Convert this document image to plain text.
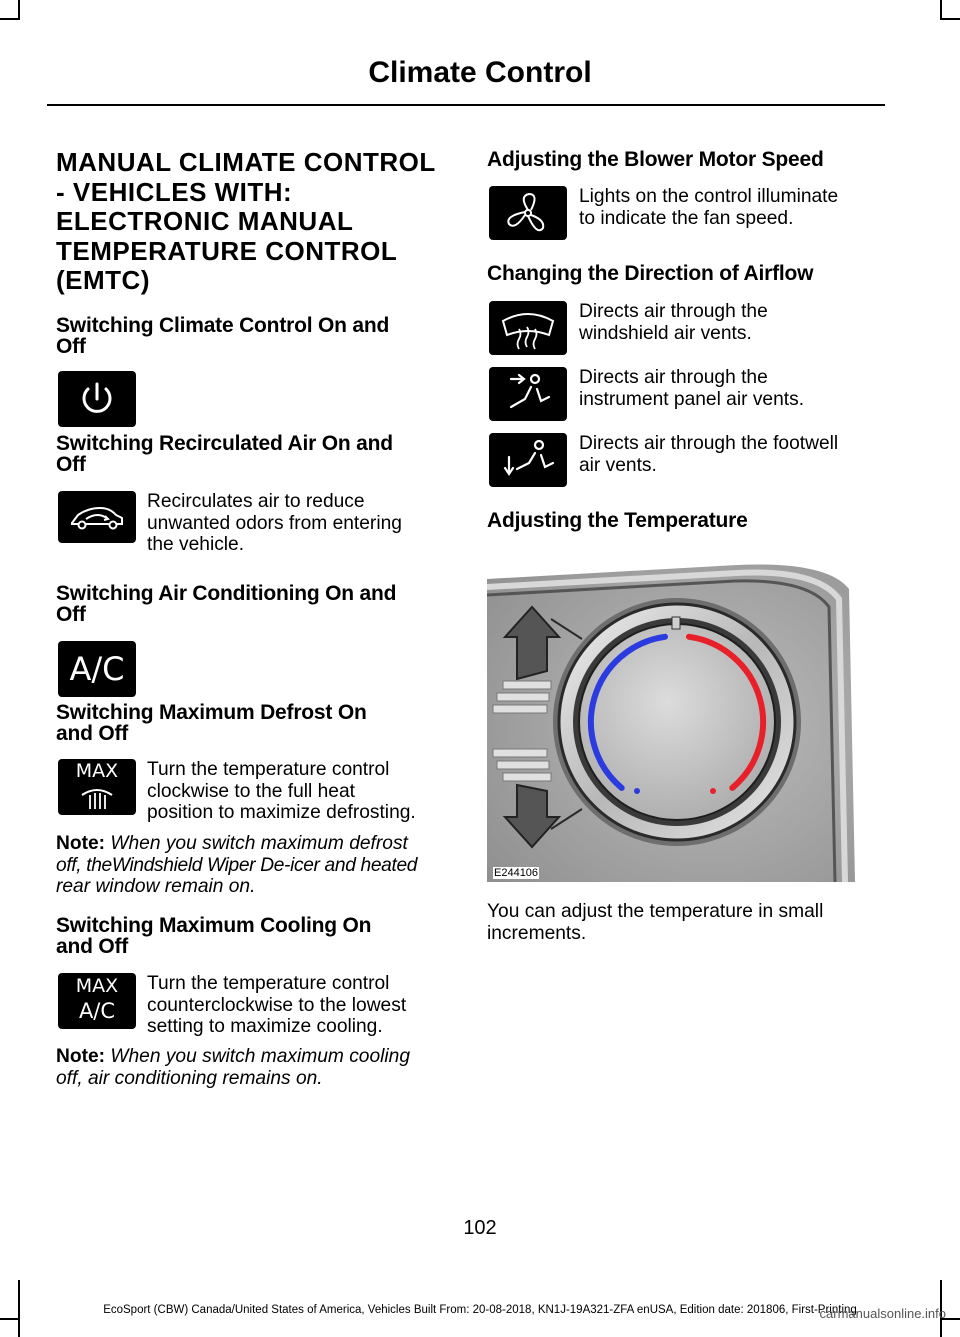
Climate Control
MANUAL CLIMATE CONTROL
- VEHICLES WITH:
ELECTRONIC MANUAL
TEMPERATURE CONTROL
(EMTC)
Switching Climate Control On and
Off
Switching Recirculated Air On and
Off
Recirculates air to reduce
unwanted odors from entering
the vehicle.
Switching Air Conditioning On and
Off
A/C
Switching Maximum Defrost On
and Off
MAX	Turn the temperature control
clockwise to the full heat
position to maximize defrosting.
Note: When you switch maximum defrost
off, theWindshield Wiper De-icer and heated
rear window remain on.
Switching Maximum Cooling On
and Off
MAX
A/C
Turn the temperature control
counterclockwise to the lowest
setting to maximize cooling.
Note: When you switch maximum cooling
off, air conditioning remains on.
Adjusting the Blower Motor Speed
Lights on the control illuminate
to indicate the fan speed.
Changing the Direction of Airflow
Directs air through the
windshield air vents.
Directs air through the
instrument panel air vents.
Directs air through the footwell
air vents.
Adjusting the Temperature
E244106
You can adjust the temperature in small
increments.
102
EcoSport (CBW) Canada/United States of America, Vehicles Built From: 20-08-2018, KN1J-19A321-ZFA enUSA, Edition date: 201806, First-Printing
carmanualsonline.info
